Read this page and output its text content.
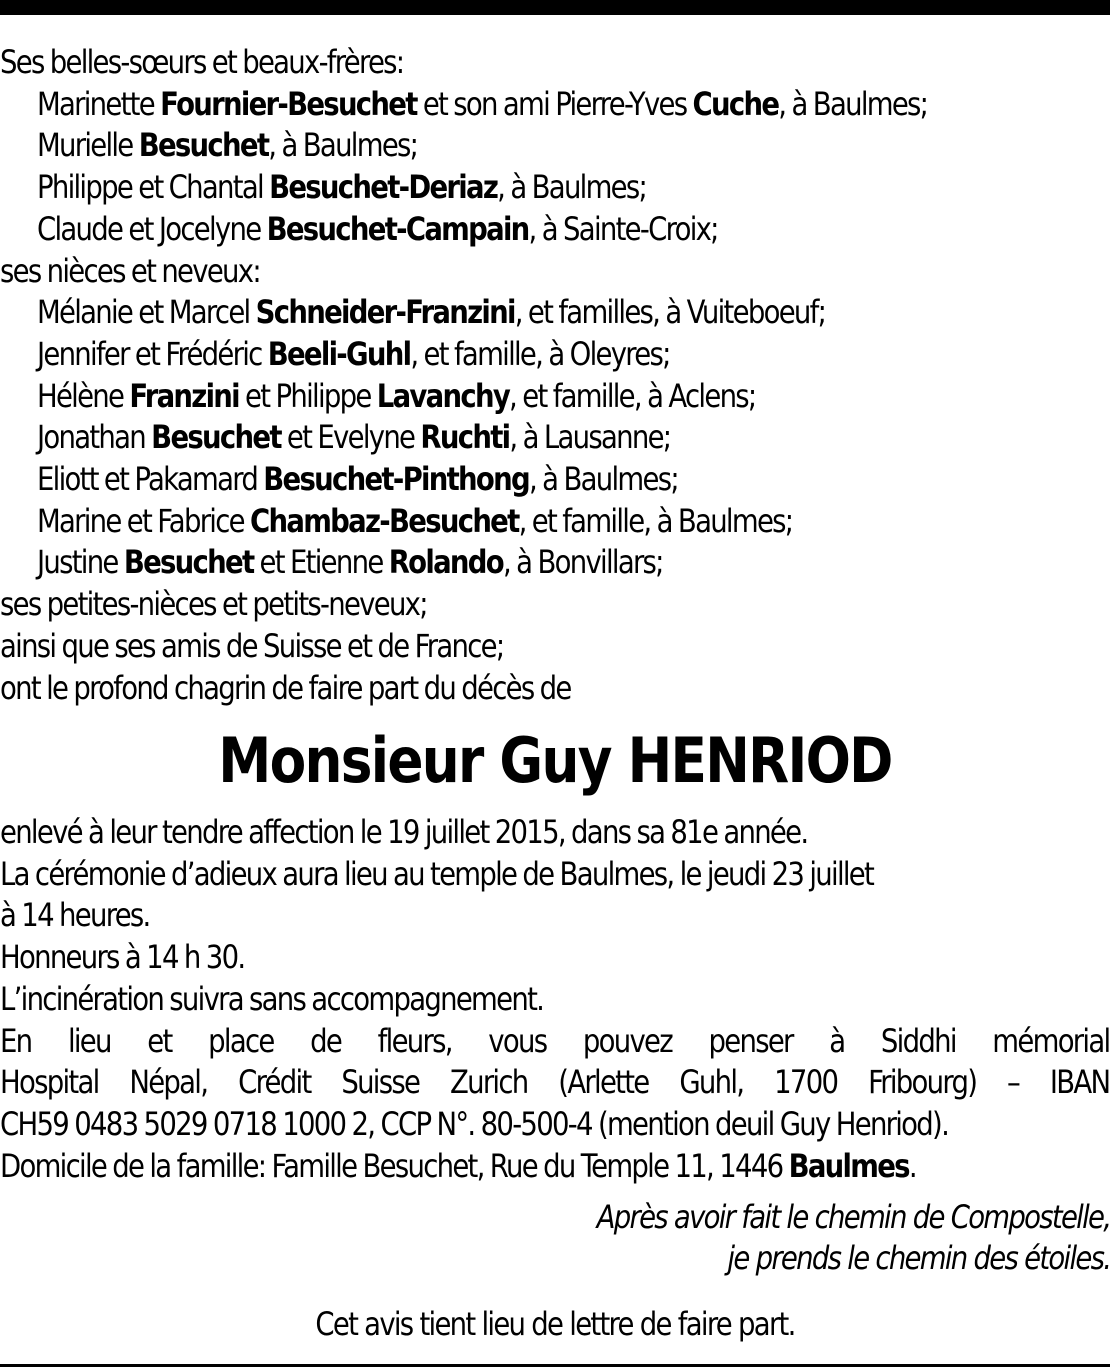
Ses belles-sœurs et beaux-frères:
Marinette Fournier-Besuchet et son ami Pierre-Yves Cuche, à Baulmes;
Murielle Besuchet, à Baulmes;
Philippe et Chantal Besuchet-Deriaz, à Baulmes;
Claude et Jocelyne Besuchet-Campain, à Sainte-Croix;
ses nièces et neveux:
Mélanie et Marcel Schneider-Franzini, et familles, à Vuiteboeuf;
Jennifer et Frédéric Beeli-Guhl, et famille, à Oleyres;
Hélène Franzini et Philippe Lavanchy, et famille, à Aclens;
Jonathan Besuchet et Evelyne Ruchti, à Lausanne;
Eliott et Pakamard Besuchet-Pinthong, à Baulmes;
Marine et Fabrice Chambaz-Besuchet, et famille, à Baulmes;
Justine Besuchet et Etienne Rolando, à Bonvillars;
ses petites-nièces et petits-neveux;
ainsi que ses amis de Suisse et de France;
ont le profond chagrin de faire part du décès de
Monsieur Guy HENRIOD
enlevé à leur tendre affection le 19 juillet 2015, dans sa 81e année.
La cérémonie d’adieux aura lieu au temple de Baulmes, le jeudi 23 juillet
à 14 heures.
Honneurs à 14 h 30.
L’incinération suivra sans accompagnement.
En lieu et place de fleurs, vous pouvez penser à Siddhi mémorial
Hospital Népal, Crédit Suisse Zurich (Arlette Guhl, 1700 Fribourg) – IBAN
CH59 0483 5029 0718 1000 2, CCP N°. 80-500-4 (mention deuil Guy Henriod).
Domicile de la famille: Famille Besuchet, Rue du Temple 11, 1446 Baulmes.
Après avoir fait le chemin de Compostelle,
je prends le chemin des étoiles.
Cet avis tient lieu de lettre de faire part.
